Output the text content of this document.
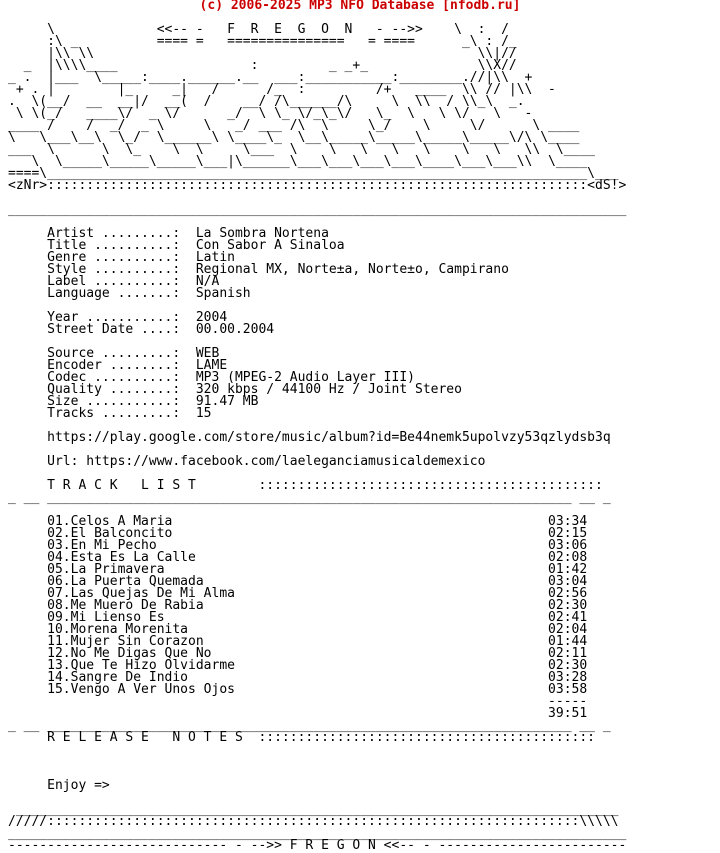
(c) 2006-2025 MP3 NFO Database [nfodb.ru]
\             <<-- -   F  R  E  G  O  N   - -->>    \  :  /
:\ _          ==== =   ===============   = ====      _\ : /_
|\\ \\                                                 \\|//
_  |\\\\____                 :         _ _+_              \\X//
_ .  |___  \_____:____.______.__  ___:___________:________.//|\\  +
+ . |        |_     _|   /      /_  :         /+   ____  \\ // |\\  -
.  \(__/  __  __|/  __(  /    __/ /\______/\     \  \\  / \\_\  _.
\ \(_/   ____\/  _ \/      _/  \ \_ \/_\_\/   \_  \   \ \/   \   -
____ /    /  _/  _ \     \   _/ ___ /\  \     \_/    \     \/      \ ____
\   \___\__\  \_/  \______\ \____\_  \__\_____\_____\_____\_____\/\ \____
___  \      \  \_    \  \     \___  \    \   \   \   \    \   \   \\  \____
\  \_____\_____\_____\___|\______\___\___\___\___\____\___\___\\  \____
====\_____________________________________________________________________\___
<zNr>:::::::::::::::::::::::::::::::::::::::::::::::::::::::::::::::::::::<dS!>
_______________________________________________________________________________
Artist .........:  La Sombra Nortena
Title ..........:  Con Sabor A Sinaloa
Genre ..........:  Latin
Style ..........:  Regional MX, Norte±a, Norte±o, Campirano
Label ..........:  N/A
Language .......:  Spanish
Year ...........:  2004
Street Date ....:  00.00.2004
Source .........:  WEB
Encoder ........:  LAME
Codec ..........:  MP3 (MPEG-2 Audio Layer III)
Quality ........:  320 kbps / 44100 Hz / Joint Stereo
Size ...........:  91.47 MB
Tracks .........:  15
https://play.google.com/store/music/album?id=Be44nemk5upolvzy53qzlydsb3q
Url: https://www.facebook.com/laeleganciamusicaldemexico
T R A C K   L I S T        ::::::::::::::::::::::::::::::::::::::::::::
_ __ ___________________________________________________________________ __ _
01.Celos A Maria                                                03:34
02.El Balconcito                                                02:15
03.En Mi Pecho                                                  03:06
04.Esta Es La Calle                                             02:08
05.La Primavera                                                 01:42
06.La Puerta Quemada                                            03:04
07.Las Quejas De Mi Alma                                        02:56
08.Me Muero De Rabia                                            02:30
09.Mi Lienso Es                                                 02:41
10.Morena Morenita                                              02:04
11.Mujer Sin Corazon                                            01:44
12.No Me Digas Que No                                           02:11
13.Que Te Hizo Olvidarme                                        02:30
14.Sangre De Indio                                              03:28
15.Vengo A Ver Unos Ojos                                        03:58
-----
39:51
_ __ ___________________________________________________________________ __ _
R E L E A S E   N O T E S  :::::::::::::::::::::::::::::::::::::::::::
Enjoy =>
_____________________________________________________________________________
/////::::::::::::::::::::::::::::::::::::::::::::::::::::::::::::::::::::\\\\\
_______________________________________________________________________________
---------------------------- - -->> F R E G O N <<-- - ------------------------
